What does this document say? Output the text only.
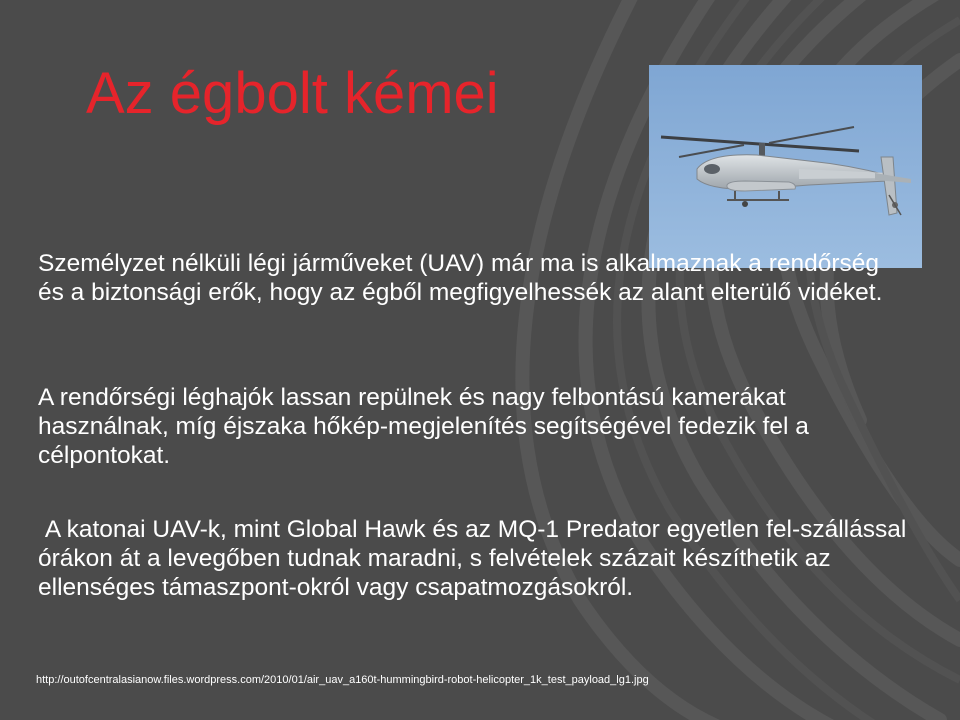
Az égbolt kémei
Személyzet nélküli légi járműveket (UAV) már ma is alkalmaznak a rendőrség és a biztonsági erők, hogy az égből megfigyelhessék az alant elterülő vidéket.
A rendőrségi léghajók lassan repülnek és nagy felbontású kamerákat használnak, míg éjszaka hőkép-megjelenítés segítségével fedezik fel a célpontokat.
A katonai UAV-k, mint Global Hawk és az MQ-1 Predator egyetlen fel-szállással órákon át a levegőben tudnak maradni, s felvételek százait készíthetik az ellenséges támaszpont-okról vagy csapatmozgásokról.
http://outofcentralasianow.files.wordpress.com/2010/01/air_uav_a160t-hummingbird-robot-helicopter_1k_test_payload_lg1.jpg
